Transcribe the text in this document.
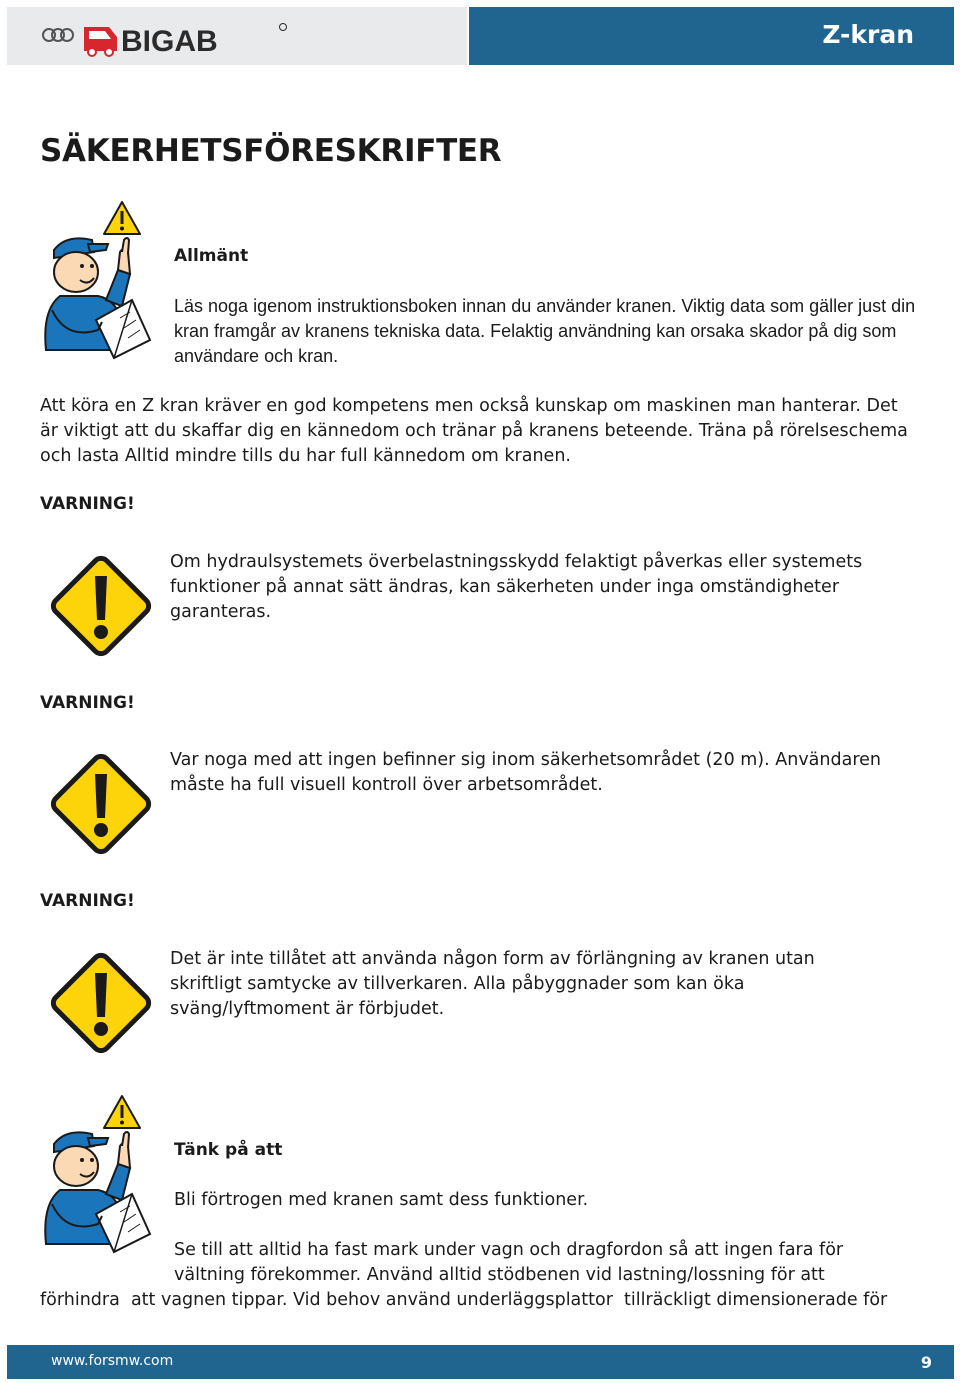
BIGAB	Z-kran
SÄKERHETSFÖRESKRIFTER
Allmänt

Läs noga igenom instruktionsboken innan du använder kranen. Viktig data som gäller just din kran framgår av kranens tekniska data. Felaktig användning kan orsaka skador på dig som användare och kran.

Att köra en Z kran kräver en god kompetens men också kunskap om maskinen man hanterar. Det är viktigt att du skaffar dig en kännedom och tränar på kranens beteende. Träna på rörelseschema och lasta Alltid mindre tills du har full kännedom om kranen.

VARNING!

Om hydraulsystemets överbelastningsskydd felaktigt påverkas eller systemets funktioner på annat sätt ändras, kan säkerheten under inga omständigheter garanteras.

VARNING!

Var noga med att ingen befinner sig inom säkerhetsområdet (20 m). Användaren måste ha full visuell kontroll över arbetsområdet.

VARNING!

Det är inte tillåtet att använda någon form av förlängning av kranen utan skriftligt samtycke av tillverkaren. Alla påbyggnader som kan öka sväng/lyftmoment är förbjudet.

Tänk på att

Bli förtrogen med kranen samt dess funktioner.

Se till att alltid ha fast mark under vagn och dragfordon så att ingen fara för

vältning förekommer. Använd alltid stödbenen vid lastning/lossning för att

förhindra  att vagnen tippar. Vid behov använd underläggsplattor  tillräckligt dimensionerade för

www.forsmw.com	9
